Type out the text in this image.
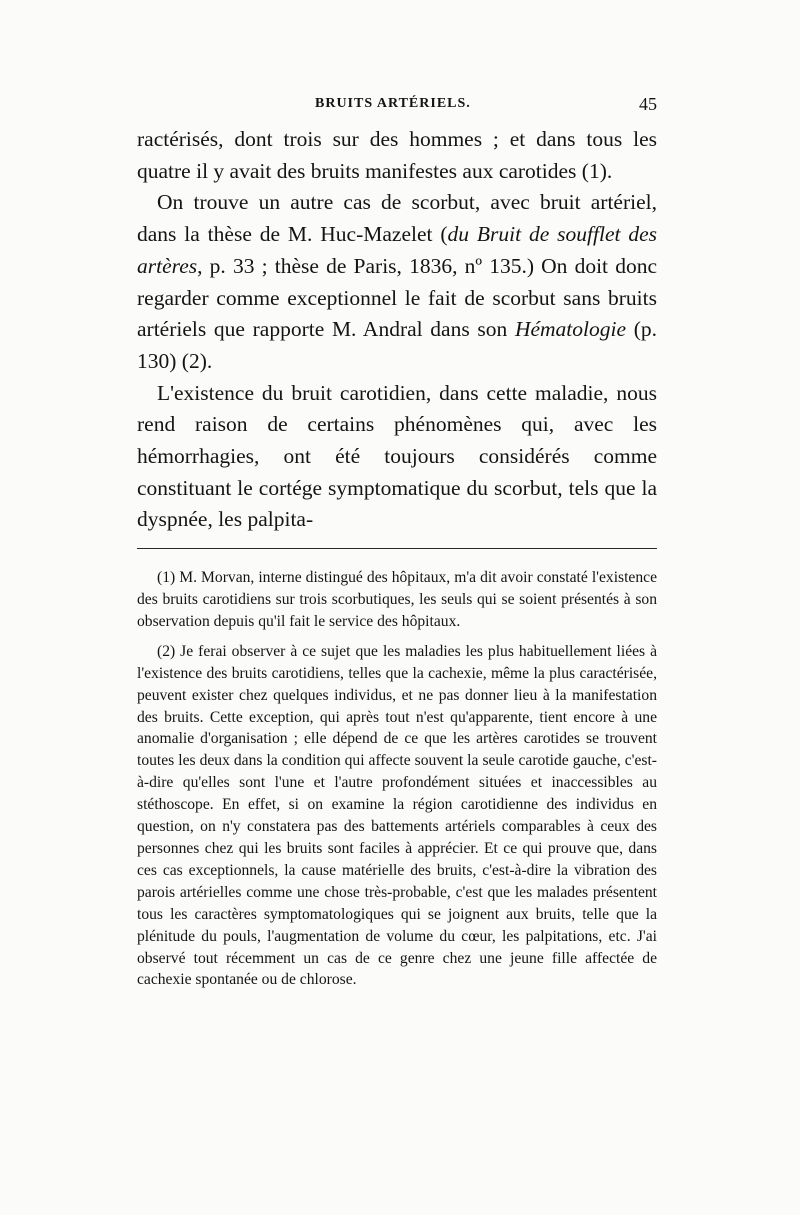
BRUITS ARTÉRIELS.	45

ractérisés, dont trois sur des hommes ; et dans tous les quatre il y avait des bruits manifestes aux carotides (1).

On trouve un autre cas de scorbut, avec bruit artériel, dans la thèse de M. Huc-Mazelet (du Bruit de soufflet des artères, p. 33 ; thèse de Paris, 1836, nº 135.) On doit donc regarder comme exceptionnel le fait de scorbut sans bruits artériels que rapporte M. Andral dans son Hématologie (p. 130) (2).

L'existence du bruit carotidien, dans cette maladie, nous rend raison de certains phénomènes qui, avec les hémorrhagies, ont été toujours considérés comme constituant le cortége symptomatique du scorbut, tels que la dyspnée, les palpita-

(1) M. Morvan, interne distingué des hôpitaux, m'a dit avoir constaté l'existence des bruits carotidiens sur trois scorbutiques, les seuls qui se soient présentés à son observation depuis qu'il fait le service des hôpitaux.

(2) Je ferai observer à ce sujet que les maladies les plus habituellement liées à l'existence des bruits carotidiens, telles que la cachexie, même la plus caractérisée, peuvent exister chez quelques individus, et ne pas donner lieu à la manifestation des bruits. Cette exception, qui après tout n'est qu'apparente, tient encore à une anomalie d'organisation ; elle dépend de ce que les artères carotides se trouvent toutes les deux dans la condition qui affecte souvent la seule carotide gauche, c'est-à-dire qu'elles sont l'une et l'autre profondément situées et inaccessibles au stéthoscope. En effet, si on examine la région carotidienne des individus en question, on n'y constatera pas des battements artériels comparables à ceux des personnes chez qui les bruits sont faciles à apprécier. Et ce qui prouve que, dans ces cas exceptionnels, la cause matérielle des bruits, c'est-à-dire la vibration des parois artérielles comme une chose très-probable, c'est que les malades présentent tous les caractères symptomatologiques qui se joignent aux bruits, telle que la plénitude du pouls, l'augmentation de volume du cœur, les palpitations, etc. J'ai observé tout récemment un cas de ce genre chez une jeune fille affectée de cachexie spontanée ou de chlorose.
